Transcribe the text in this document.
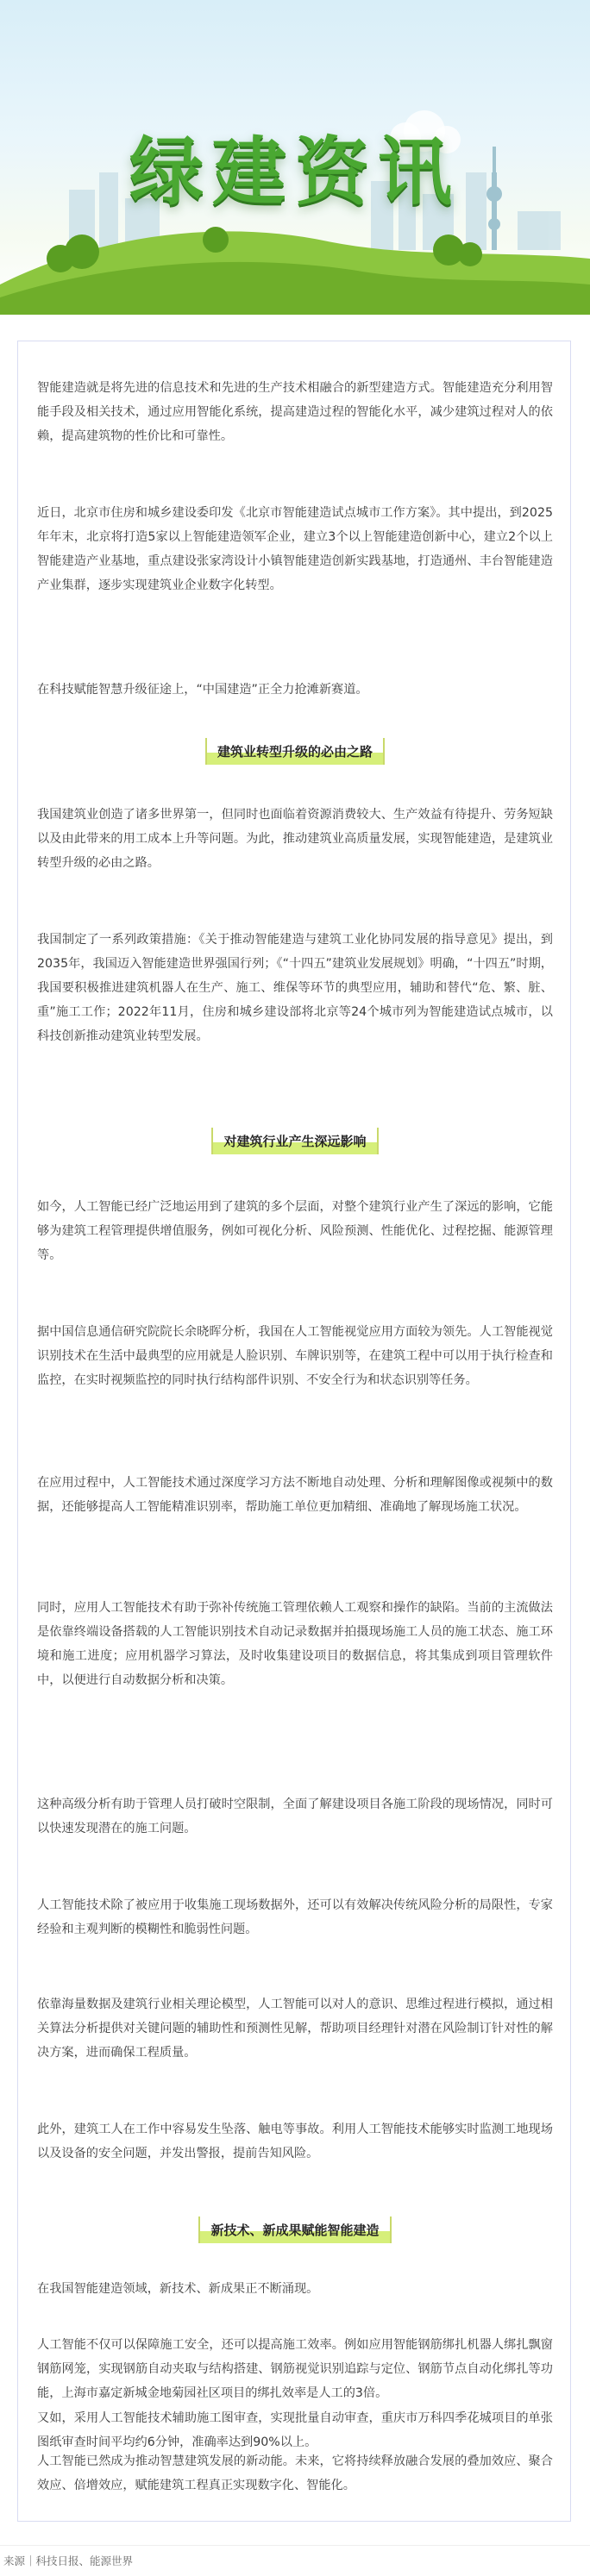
绿建资讯

智能建造就是将先进的信息技术和先进的生产技术相融合的新型建造方式。智能建造充分利用智能手段及相关技术，通过应用智能化系统，提高建造过程的智能化水平，减少建筑过程对人的依赖，提高建筑物的性价比和可靠性。

近日，北京市住房和城乡建设委印发《北京市智能建造试点城市工作方案》。其中提出，到2025年年末，北京将打造5家以上智能建造领军企业，建立3个以上智能建造创新中心，建立2个以上智能建造产业基地，重点建设张家湾设计小镇智能建造创新实践基地，打造通州、丰台智能建造产业集群，逐步实现建筑业企业数字化转型。

在科技赋能智慧升级征途上，“中国建造”正全力抢滩新赛道。

建筑业转型升级的必由之路

我国建筑业创造了诸多世界第一，但同时也面临着资源消费较大、生产效益有待提升、劳务短缺以及由此带来的用工成本上升等问题。为此，推动建筑业高质量发展，实现智能建造，是建筑业转型升级的必由之路。

我国制定了一系列政策措施：《关于推动智能建造与建筑工业化协同发展的指导意见》提出，到2035年，我国迈入智能建造世界强国行列；《“十四五”建筑业发展规划》明确，“十四五”时期，我国要积极推进建筑机器人在生产、施工、维保等环节的典型应用，辅助和替代“危、繁、脏、重”施工工作；2022年11月，住房和城乡建设部将北京等24个城市列为智能建造试点城市，以科技创新推动建筑业转型发展。

对建筑行业产生深远影响

如今，人工智能已经广泛地运用到了建筑的多个层面，对整个建筑行业产生了深远的影响，它能够为建筑工程管理提供增值服务，例如可视化分析、风险预测、性能优化、过程挖掘、能源管理等。

据中国信息通信研究院院长余晓晖分析，我国在人工智能视觉应用方面较为领先。人工智能视觉识别技术在生活中最典型的应用就是人脸识别、车牌识别等，在建筑工程中可以用于执行检查和监控，在实时视频监控的同时执行结构部件识别、不安全行为和状态识别等任务。

在应用过程中，人工智能技术通过深度学习方法不断地自动处理、分析和理解图像或视频中的数据，还能够提高人工智能精准识别率，帮助施工单位更加精细、准确地了解现场施工状况。

同时，应用人工智能技术有助于弥补传统施工管理依赖人工观察和操作的缺陷。当前的主流做法是依靠终端设备搭载的人工智能识别技术自动记录数据并拍摄现场施工人员的施工状态、施工环境和施工进度；应用机器学习算法，及时收集建设项目的数据信息，将其集成到项目管理软件中，以便进行自动数据分析和决策。

这种高级分析有助于管理人员打破时空限制，全面了解建设项目各施工阶段的现场情况，同时可以快速发现潜在的施工问题。

人工智能技术除了被应用于收集施工现场数据外，还可以有效解决传统风险分析的局限性，专家经验和主观判断的模糊性和脆弱性问题。

依靠海量数据及建筑行业相关理论模型，人工智能可以对人的意识、思维过程进行模拟，通过相关算法分析提供对关键问题的辅助性和预测性见解，帮助项目经理针对潜在风险制订针对性的解决方案，进而确保工程质量。

此外，建筑工人在工作中容易发生坠落、触电等事故。利用人工智能技术能够实时监测工地现场以及设备的安全问题，并发出警报，提前告知风险。

新技术、新成果赋能智能建造

在我国智能建造领域，新技术、新成果正不断涌现。

人工智能不仅可以保障施工安全，还可以提高施工效率。例如应用智能钢筋绑扎机器人绑扎飘窗钢筋网笼，实现钢筋自动夹取与结构搭建、钢筋视觉识别追踪与定位、钢筋节点自动化绑扎等功能，上海市嘉定新城金地菊园社区项目的绑扎效率是人工的3倍。

又如，采用人工智能技术辅助施工图审查，实现批量自动审查，重庆市万科四季花城项目的单张图纸审查时间平均约6分钟，准确率达到90%以上。

人工智能已然成为推动智慧建筑发展的新动能。未来，它将持续释放融合发展的叠加效应、聚合效应、倍增效应，赋能建筑工程真正实现数字化、智能化。

来源｜科技日报、能源世界
